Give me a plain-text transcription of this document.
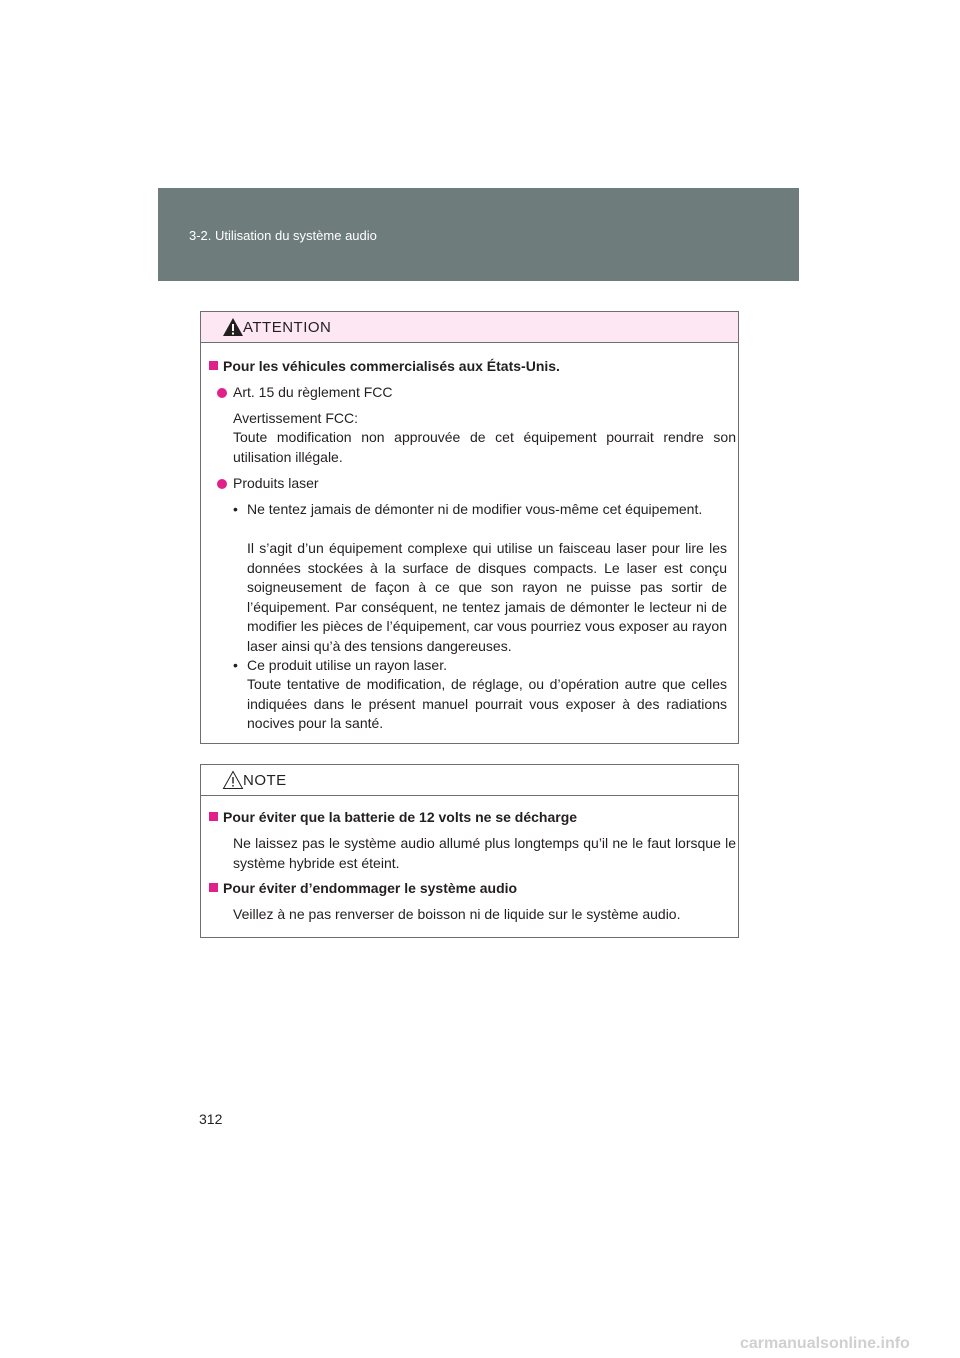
3-2. Utilisation du système audio
ATTENTION
Pour les véhicules commercialisés aux États-Unis.
Art. 15 du règlement FCC
Avertissement FCC:
Toute modification non approuvée de cet équipement pourrait rendre son utilisation illégale.
Produits laser
• Ne tentez jamais de démonter ni de modifier vous-même cet équipement.
Il s’agit d’un équipement complexe qui utilise un faisceau laser pour lire les données stockées à la surface de disques compacts. Le laser est conçu soigneusement de façon à ce que son rayon ne puisse pas sortir de l’équipement. Par conséquent, ne tentez jamais de démonter le lecteur ni de modifier les pièces de l’équipement, car vous pourriez vous exposer au rayon laser ainsi qu’à des tensions dangereuses.
• Ce produit utilise un rayon laser.
Toute tentative de modification, de réglage, ou d’opération autre que celles indiquées dans le présent manuel pourrait vous exposer à des radiations nocives pour la santé.
NOTE
Pour éviter que la batterie de 12 volts ne se décharge
Ne laissez pas le système audio allumé plus longtemps qu’il ne le faut lorsque le système hybride est éteint.
Pour éviter d’endommager le système audio
Veillez à ne pas renverser de boisson ni de liquide sur le système audio.
312
carmanualsonline.info
